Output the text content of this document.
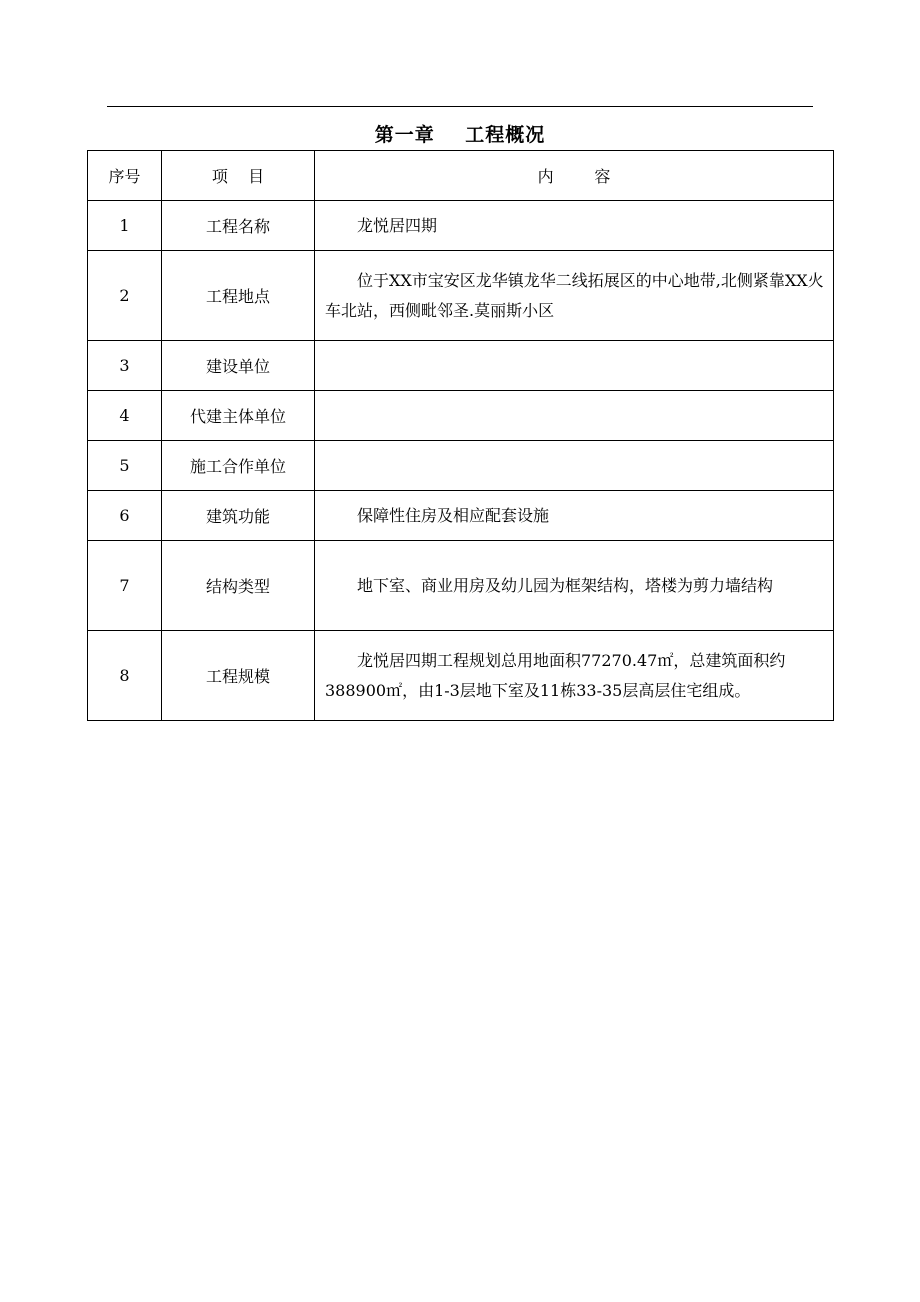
第一章    工程概况
序号	项    目	内        容
1	工程名称	龙悦居四期

2	工程地点	位于XX市宝安区龙华镇龙华二线拓展区的中心地带,北侧紧靠XX火车北站，西侧毗邻圣.莫丽斯小区

3	建设单位	

4	代建主体单位	

5	施工合作单位	

6	建筑功能	保障性住房及相应配套设施

7	结构类型	地下室、商业用房及幼儿园为框架结构，塔楼为剪力墙结构

8	工程规模	龙悦居四期工程规划总用地面积77270.47㎡，总建筑面积约388900㎡，由1-3层地下室及11栋33-35层高层住宅组成。
